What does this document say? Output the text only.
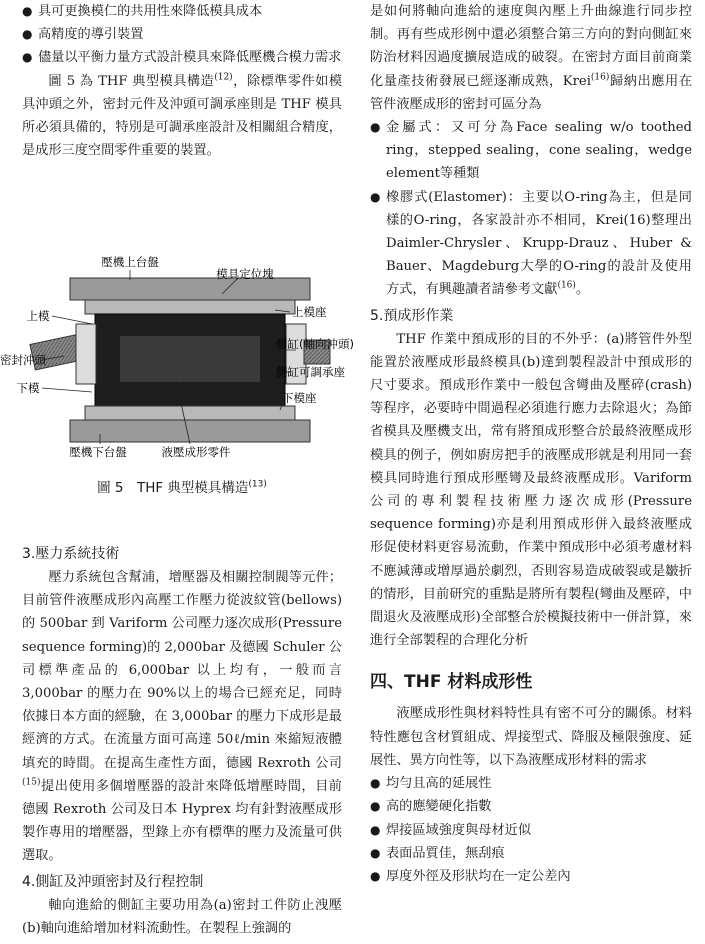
● 具可更換模仁的共用性來降低模具成本
● 高精度的導引裝置
● 儘量以平衡力量方式設計模具來降低壓機合模力需求

圖 5 為 THF 典型模具構造$^{(12)}$，除標準零件如模具沖頭之外，密封元件及沖頭可調承座則是 THF 模具所必須具備的，特別是可調承座設計及相關組合精度，是成形三度空間零件重要的裝置。

壓機上台盤
模具定位塊
上模	上模座
密封沖頭
側缸(軸向沖頭)
側缸可調承座
下模
下模座
壓機下台盤	液壓成形零件
圖 5　THF 典型模具構造$^{(13)}$
3.壓力系統技術

壓力系統包含幫浦，增壓器及相關控制閥等元件；目前管件液壓成形內高壓工作壓力從波紋管(bellows)的 500bar 到 Variform 公司壓力逐次成形(Pressure sequence forming)的 2,000bar 及德國 Schuler 公司標準產品的 6,000bar 以上均有，一般而言 3,000bar 的壓力在 90%以上的場合已經充足，同時依據日本方面的經驗，在 3,000bar 的壓力下成形是最經濟的方式。在流量方面可高達 50ℓ/min 來縮短液體填充的時間。在提高生產性方面，德國 Rexroth 公司$^{(15)}$提出使用多個增壓器的設計來降低增壓時間，目前德國 Rexroth 公司及日本 Hyprex 均有針對液壓成形製作專用的增壓器，型錄上亦有標準的壓力及流量可供選取。

4.側缸及沖頭密封及行程控制

軸向進給的側缸主要功用為(a)密封工件防止洩壓(b)軸向進給增加材料流動性。在製程上強調的

是如何將軸向進給的速度與內壓上升曲線進行同步控制。再有些成形例中還必須整合第三方向的對向側缸來防治材料因過度擴展造成的破裂。在密封方面目前商業化量產技術發展已經逐漸成熟，Krei$^{(16)}$歸納出應用在管件液壓成形的密封可區分為

● 金屬式：又可分為Face sealing w/o toothed ring，stepped sealing，cone sealing，wedge element等種類
● 橡膠式(Elastomer)：主要以O-ring為主，但是同樣的O-ring，各家設計亦不相同，Krei(16)整理出Daimler-Chrysler、Krupp-Drauz、Huber & Bauer、Magdeburg大學的O-ring的設計及使用方式，有興趣讀者請參考文獻$^{(16)}$。
5.預成形作業

THF 作業中預成形的目的不外乎：(a)將管件外型能置於液壓成形最終模具(b)達到製程設計中預成形的尺寸要求。預成形作業中一般包含彎曲及壓碎(crash)等程序，必要時中間過程必須進行應力去除退火；為節省模具及壓機支出，常有將預成形整合於最終液壓成形模具的例子，例如廚房把手的液壓成形就是利用同一套模具同時進行預成形壓彎及最終液壓成形。Variform 公司的專利製程技術壓力逐次成形(Pressure sequence forming)亦是利用預成形併入最終液壓成形促使材料更容易流動，作業中預成形中必須考慮材料不應減薄或增厚過於劇烈，否則容易造成破裂或是皺折的情形，目前研究的重點是將所有製程(彎曲及壓碎，中間退火及液壓成形)全部整合於模擬技術中一併計算，來進行全部製程的合理化分析

四、THF 材料成形性

液壓成形性與材料特性具有密不可分的關係。材料特性應包含材質組成、焊接型式、降服及極限強度、延展性、異方向性等，以下為液壓成形材料的需求

● 均勻且高的延展性
● 高的應變硬化指數
● 焊接區域強度與母材近似
● 表面品質佳，無刮痕
● 厚度外徑及形狀均在一定公差內
